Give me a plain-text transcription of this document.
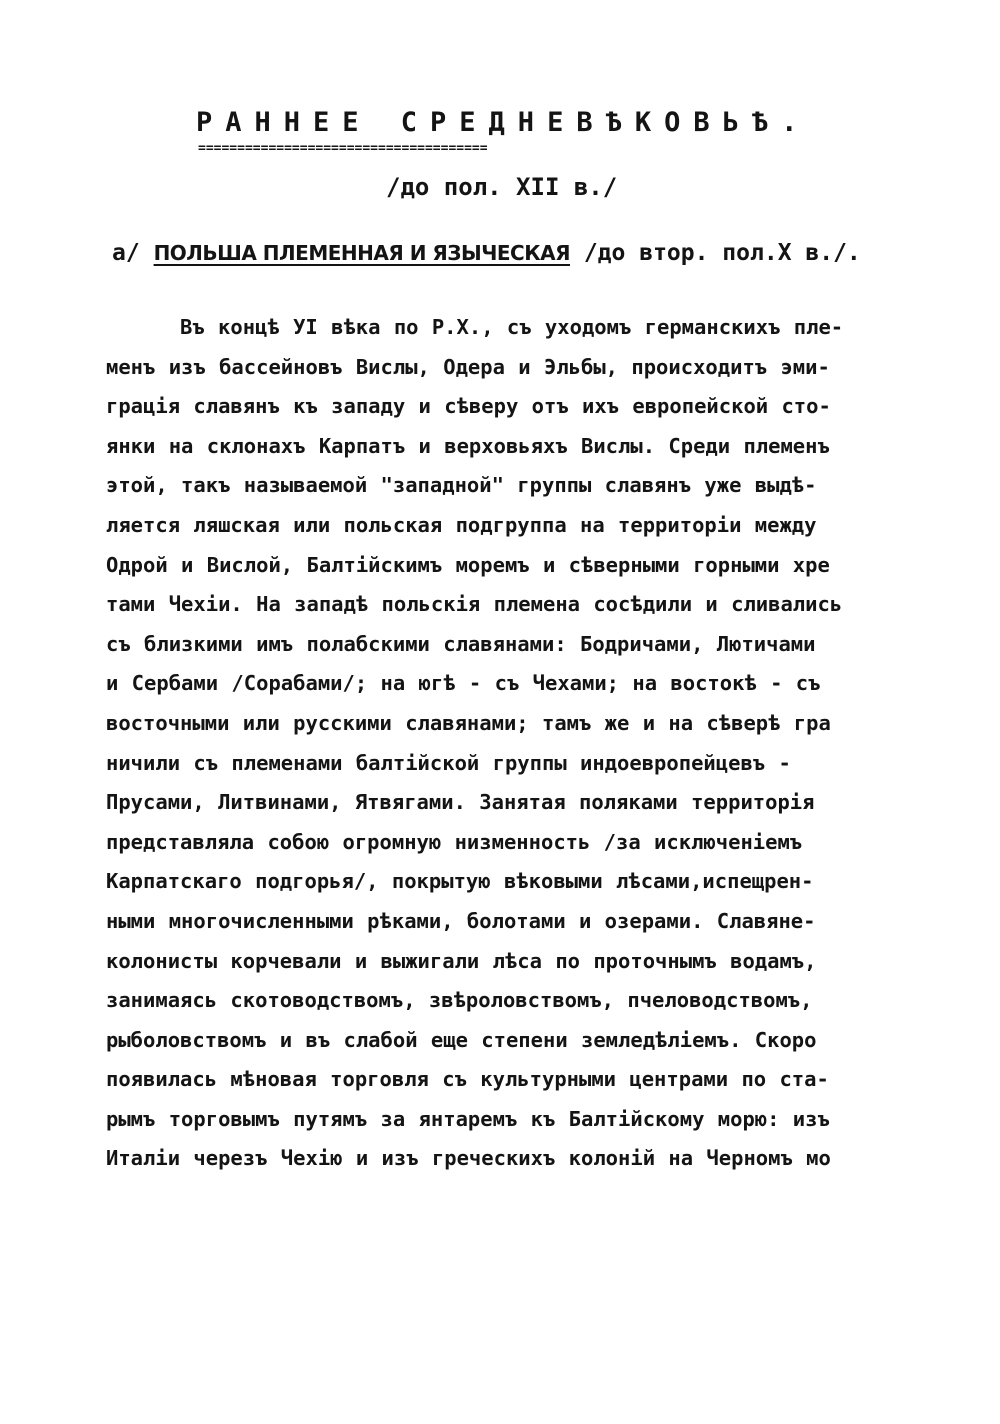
РАННЕЕ СРЕДНЕВѢКОВЬѢ.
=====================================
/до пол. XII в./
а/ ПОЛЬША ПЛЕМЕННАЯ И ЯЗЫЧЕСКАЯ /до втор. пол.Х в./.
Въ концѣ УI вѣка по Р.Х., съ уходомъ германскихъ пле-
менъ изъ бассейновъ Вислы, Одера и Эльбы, происходитъ эми-
грація славянъ къ западу и сѣверу отъ ихъ европейской сто-
янки на склонахъ Карпатъ и верховьяхъ Вислы. Среди племенъ
этой, такъ называемой "западной" группы славянъ уже выдѣ-
ляется ляшская или польская подгруппа на территоріи между
Одрой и Вислой, Балтійскимъ моремъ и сѣверными горными хре
тами Чехіи. На западѣ польскія племена сосѣдили и сливались
съ близкими имъ полабскими славянами: Бодричами, Лютичами
и Сербами /Сорабами/; на югѣ - съ Чехами; на востокѣ - съ
восточными или русскими славянами; тамъ же и на сѣверѣ гра
ничили съ племенами балтійской группы индоевропейцевъ -
Прусами, Литвинами, Ятвягами. Занятая поляками территорія
представляла собою огромную низменность /за исключеніемъ
Карпатскаго подгорья/, покрытую вѣковыми лѣсами,испещрен-
ными многочисленными рѣками, болотами и озерами. Славяне-
колонисты корчевали и выжигали лѣса по проточнымъ водамъ,
занимаясь скотоводствомъ, звѣроловствомъ, пчеловодствомъ,
рыболовствомъ и въ слабой еще степени земледѣліемъ. Скоро
появилась мѣновая торговля съ культурными центрами по ста-
рымъ торговымъ путямъ за янтаремъ къ Балтійскому морю: изъ
Италіи черезъ Чехію и изъ греческихъ колоній на Черномъ мо
